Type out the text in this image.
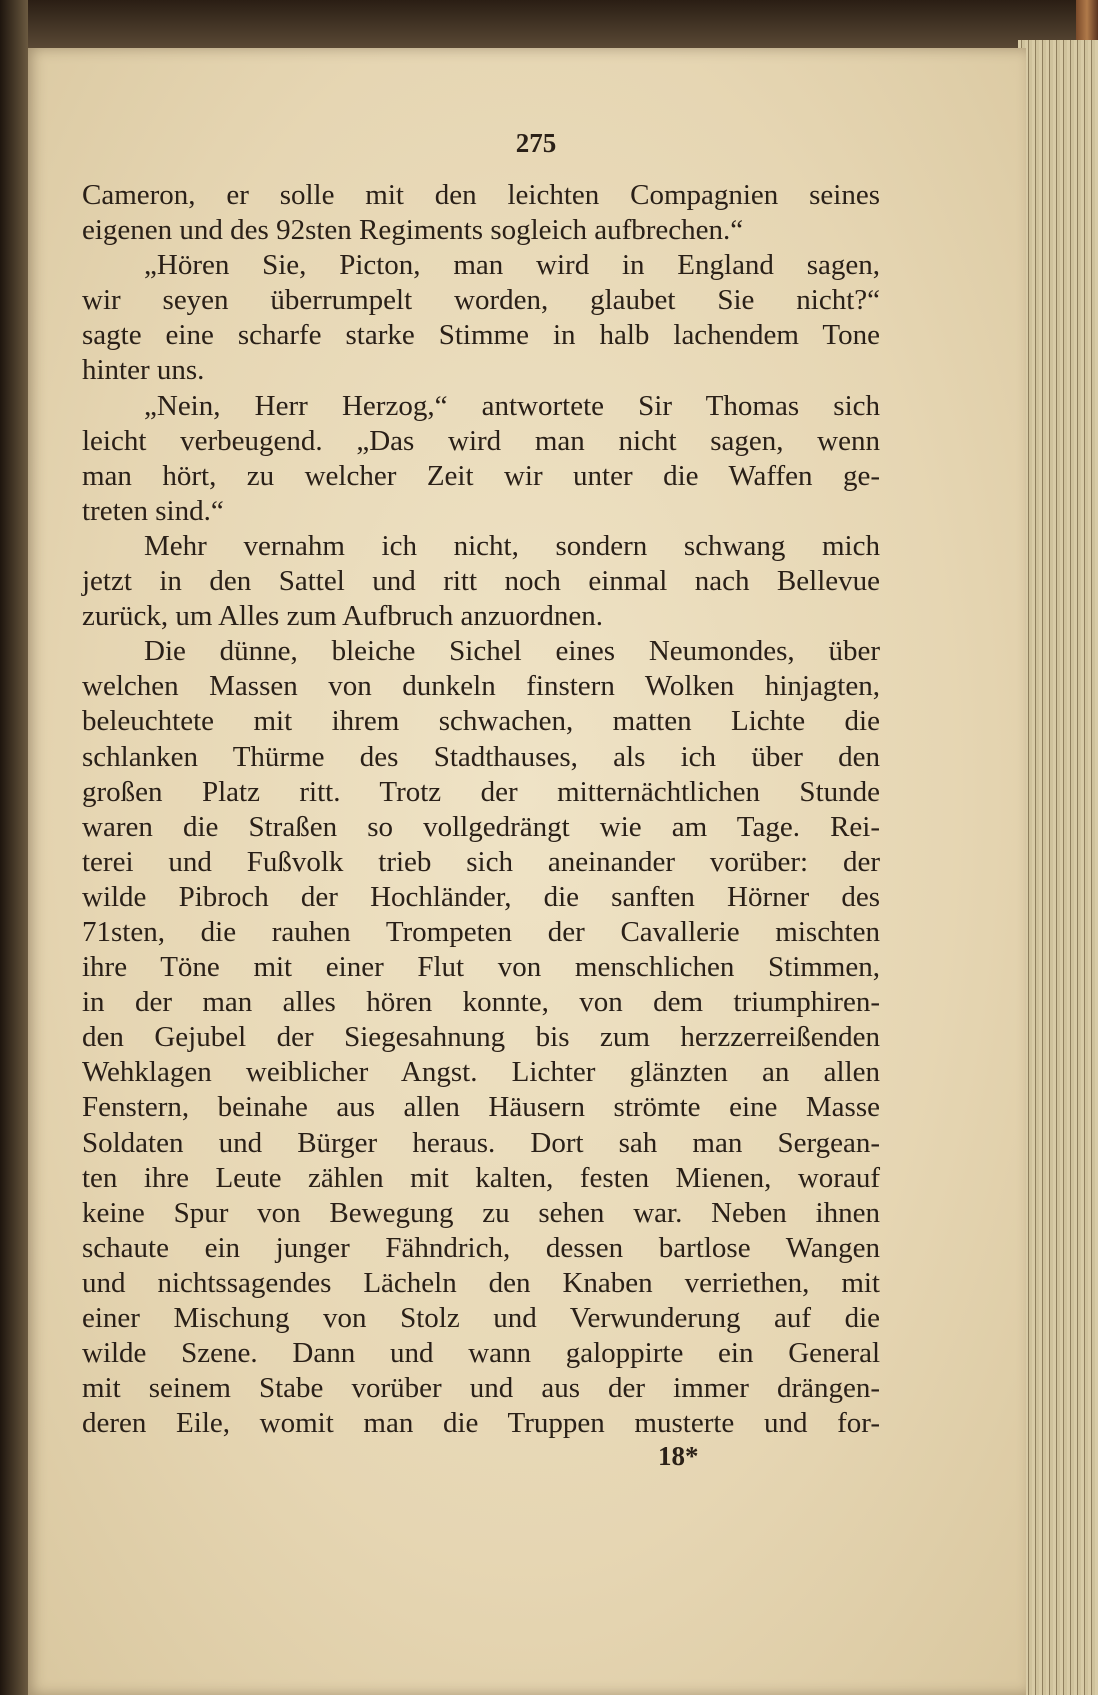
275
Cameron, er solle mit den leichten Compagnien seines
eigenen und des 92sten Regiments sogleich aufbrechen.“
„Hören Sie, Picton, man wird in England sagen,
wir seyen überrumpelt worden, glaubet Sie nicht?“
sagte eine scharfe starke Stimme in halb lachendem Tone
hinter uns.
„Nein, Herr Herzog,“ antwortete Sir Thomas sich
leicht verbeugend. „Das wird man nicht sagen, wenn
man hört, zu welcher Zeit wir unter die Waffen ge-
treten sind.“
Mehr vernahm ich nicht, sondern schwang mich
jetzt in den Sattel und ritt noch einmal nach Bellevue
zurück, um Alles zum Aufbruch anzuordnen.
Die dünne, bleiche Sichel eines Neumondes, über
welchen Massen von dunkeln finstern Wolken hinjagten,
beleuchtete mit ihrem schwachen, matten Lichte die
schlanken Thürme des Stadthauses, als ich über den
großen Platz ritt. Trotz der mitternächtlichen Stunde
waren die Straßen so vollgedrängt wie am Tage. Rei-
terei und Fußvolk trieb sich aneinander vorüber: der
wilde Pibroch der Hochländer, die sanften Hörner des
71sten, die rauhen Trompeten der Cavallerie mischten
ihre Töne mit einer Flut von menschlichen Stimmen,
in der man alles hören konnte, von dem triumphiren-
den Gejubel der Siegesahnung bis zum herzzerreißenden
Wehklagen weiblicher Angst. Lichter glänzten an allen
Fenstern, beinahe aus allen Häusern strömte eine Masse
Soldaten und Bürger heraus. Dort sah man Sergean-
ten ihre Leute zählen mit kalten, festen Mienen, worauf
keine Spur von Bewegung zu sehen war. Neben ihnen
schaute ein junger Fähndrich, dessen bartlose Wangen
und nichtssagendes Lächeln den Knaben verriethen, mit
einer Mischung von Stolz und Verwunderung auf die
wilde Szene. Dann und wann galoppirte ein General
mit seinem Stabe vorüber und aus der immer drängen-
deren Eile, womit man die Truppen musterte und for-
18*
